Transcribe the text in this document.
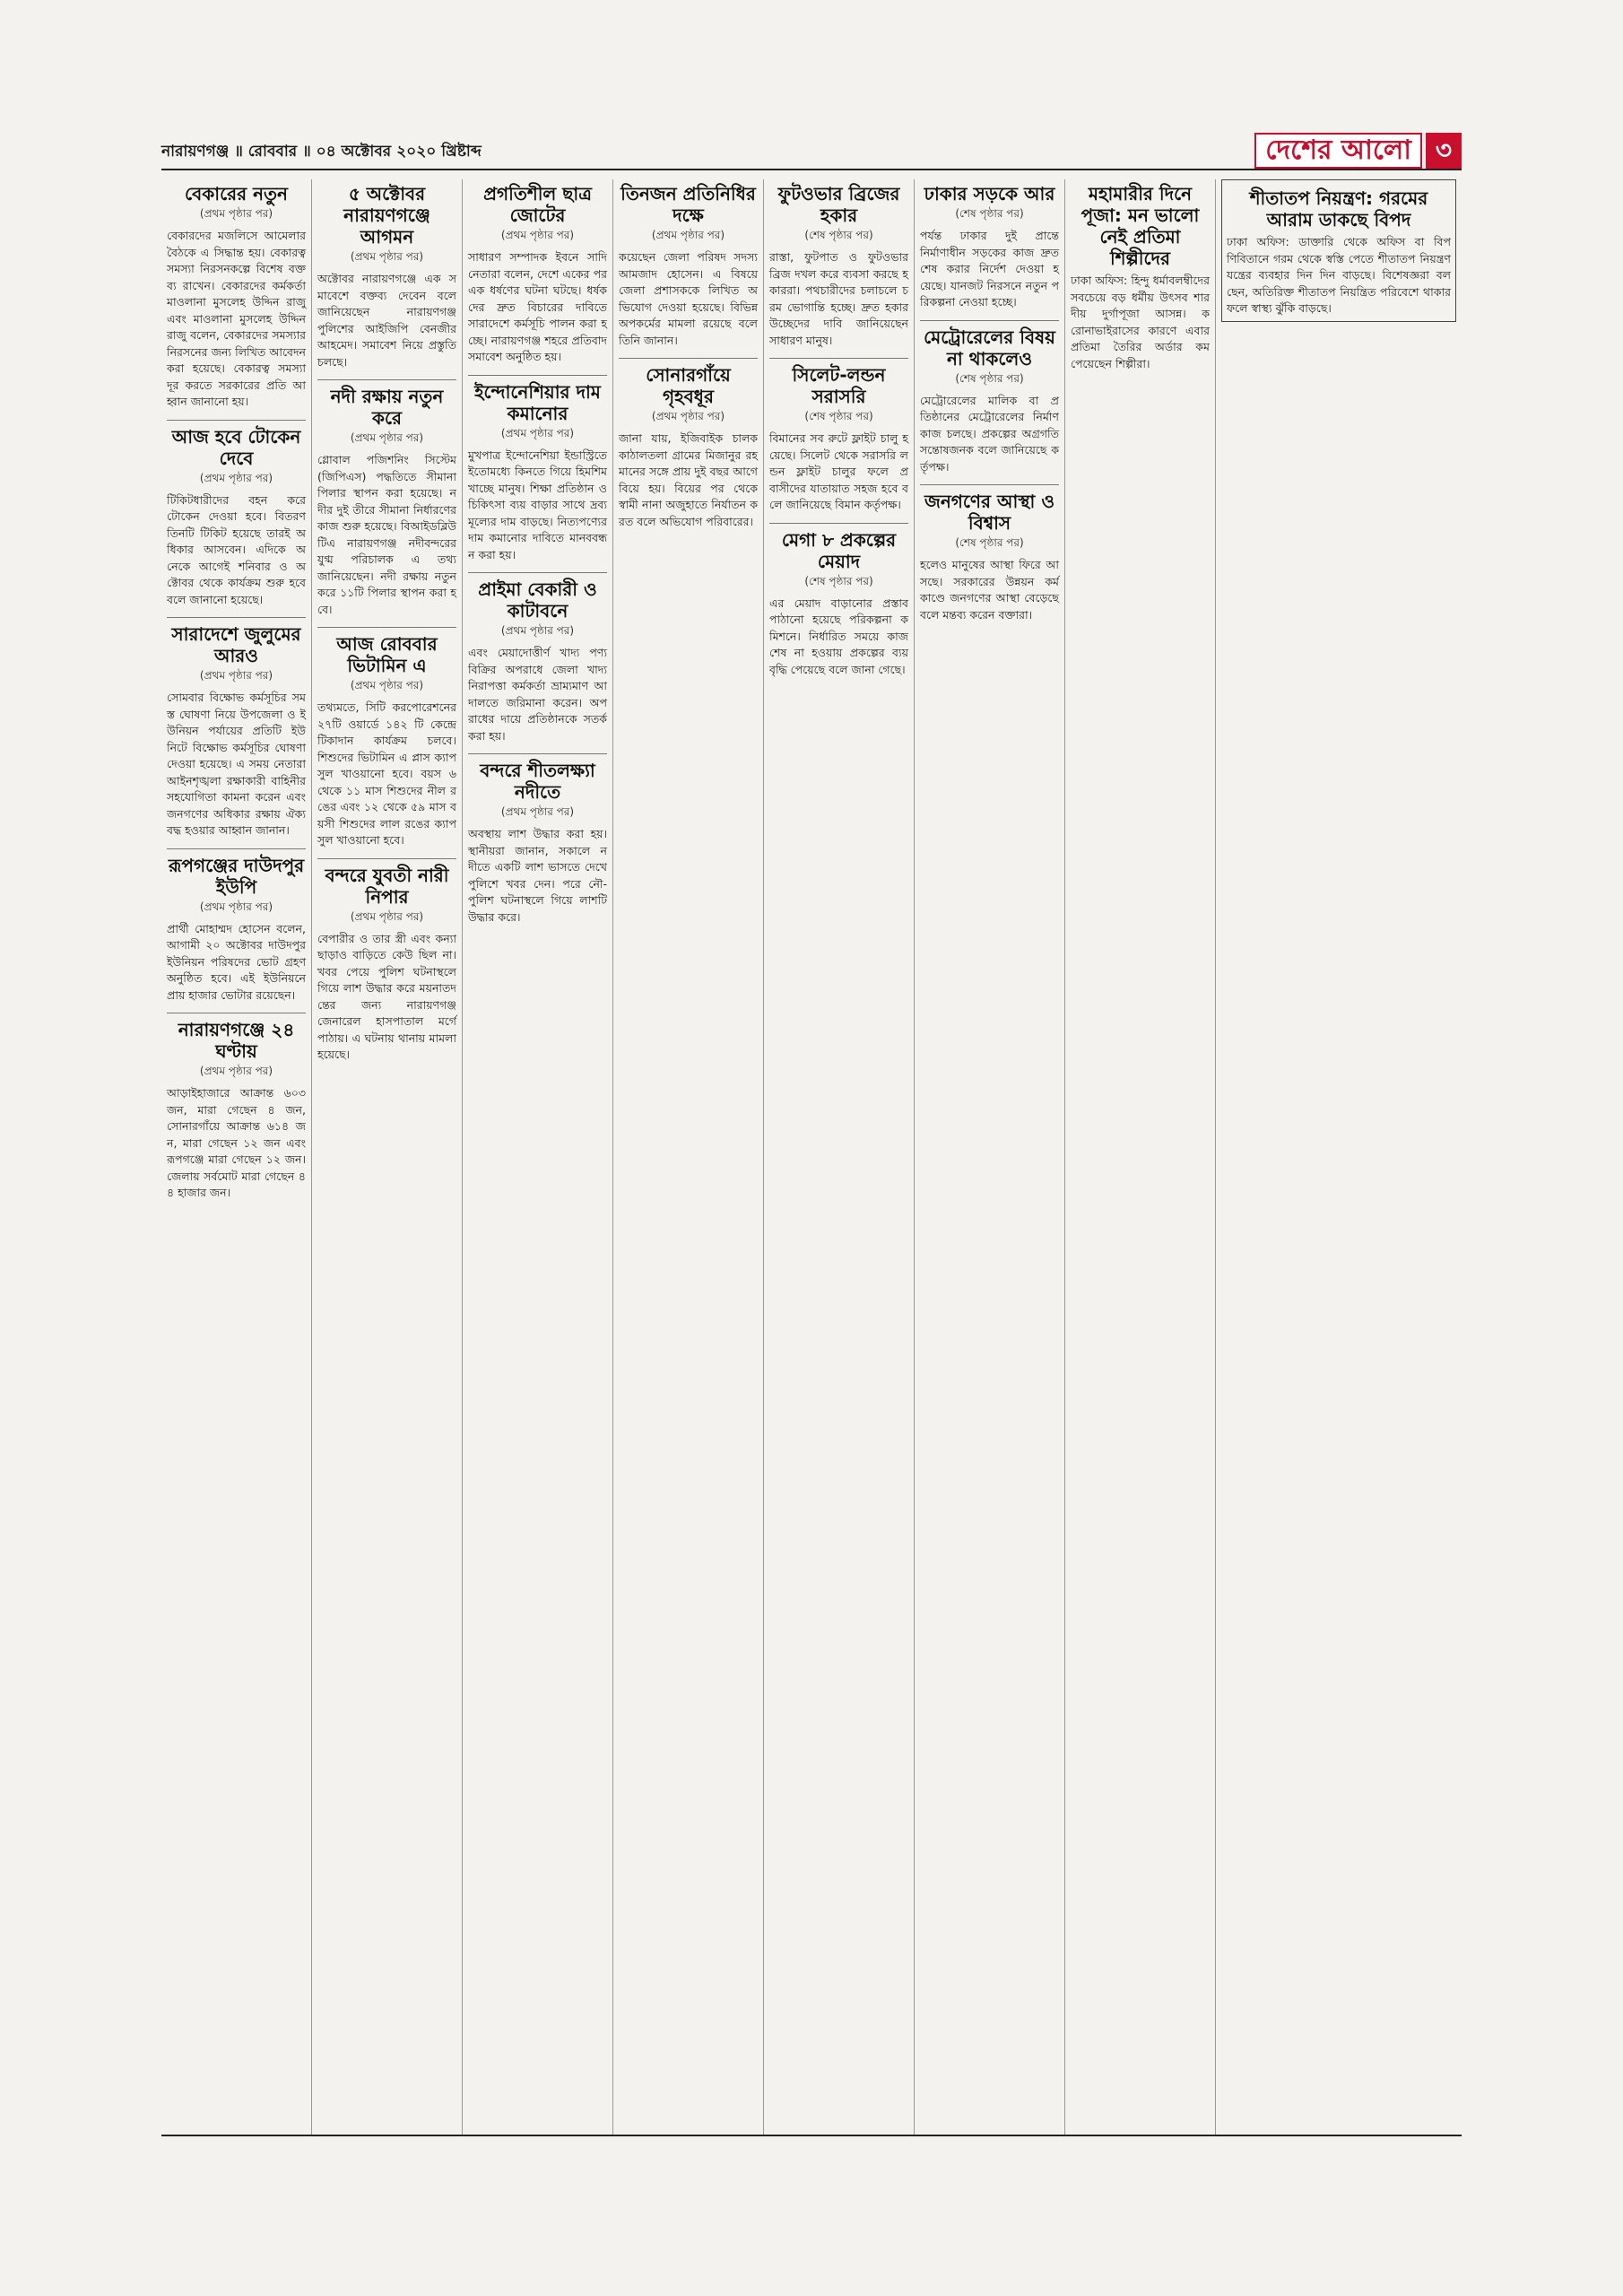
নারায়ণগঞ্জ ॥ রোববার ॥ ০৪ অক্টোবর ২০২০ খ্রিষ্টাব্দ	দেশের আলো ৩
বেকারের নতুন
(প্রথম পৃষ্ঠার পর)
বেকারদের মজলিসে আমেলার বৈঠকে এ সিদ্ধান্ত হয়। বেকারত্ব সমস্যা নিরসনকল্পে বিশেষ বক্তব্য রাখেন। বেকারদের কর্মকর্তা মাওলানা মুসলেহ উদ্দিন রাজু এবং মাওলানা মুসলেহ উদ্দিন রাজু বলেন, বেকারদের সমস্যার নিরসনের জন্য লিখিত আবেদন করা হয়েছে। বেকারত্ব সমস্যা দূর করতে সরকারের প্রতি আহ্বান জানানো হয়।
আজ হবে টোকেন দেবে
(প্রথম পৃষ্ঠার পর)
টিকিটধারীদের বহন করে টোকেন দেওয়া হবে। বিতরণ তিনটি টিকিট হয়েছে তারই অধিকার আসবেন। এদিকে অনেকে আগেই শনিবার ও অক্টোবর থেকে কার্যক্রম শুরু হবে বলে জানানো হয়েছে।
সারাদেশে জুলুমের আরও
(প্রথম পৃষ্ঠার পর)
সোমবার বিক্ষোভ কর্মসূচির সমস্ত ঘোষণা নিয়ে উপজেলা ও ইউনিয়ন পর্যায়ের প্রতিটি ইউনিটে বিক্ষোভ কর্মসূচির ঘোষণা দেওয়া হয়েছে। এ সময় নেতারা আইনশৃঙ্খলা রক্ষাকারী বাহিনীর সহযোগিতা কামনা করেন এবং জনগণের অধিকার রক্ষায় ঐক্যবদ্ধ হওয়ার আহ্বান জানান।
রূপগঞ্জের দাউদপুর ইউপি
(প্রথম পৃষ্ঠার পর)
প্রার্থী মোহাম্মদ হোসেন বলেন, আগামী ২০ অক্টোবর দাউদপুর ইউনিয়ন পরিষদের ভোট গ্রহণ অনুষ্ঠিত হবে। এই ইউনিয়নে প্রায় হাজার ভোটার রয়েছেন।
নারায়ণগঞ্জে ২৪ ঘণ্টায়
(প্রথম পৃষ্ঠার পর)
আড়াইহাজারে আক্রান্ত ৬০৩ জন, মারা গেছেন ৪ জন, সোনারগাঁয়ে আক্রান্ত ৬১৪ জন, মারা গেছেন ১২ জন এবং রূপগঞ্জে মারা গেছেন ১২ জন। জেলায় সর্বমোট মারা গেছেন ৪৪ হাজার জন।
৫ অক্টোবর নারায়ণগঞ্জে আগমন
(প্রথম পৃষ্ঠার পর)
অক্টোবর নারায়ণগঞ্জে এক সমাবেশে বক্তব্য দেবেন বলে জানিয়েছেন নারায়ণগঞ্জ পুলিশের আইজিপি বেনজীর আহমেদ। সমাবেশ নিয়ে প্রস্তুতি চলছে।
নদী রক্ষায় নতুন করে
(প্রথম পৃষ্ঠার পর)
গ্লোবাল পজিশনিং সিস্টেম (জিপিএস) পদ্ধতিতে সীমানা পিলার স্থাপন করা হয়েছে। নদীর দুই তীরে সীমানা নির্ধারণের কাজ শুরু হয়েছে। বিআইডব্লিউটিএ নারায়ণগঞ্জ নদীবন্দরের যুগ্ম পরিচালক এ তথ্য জানিয়েছেন। নদী রক্ষায় নতুন করে ১১টি পিলার স্থাপন করা হবে।
আজ রোববার ভিটামিন এ
(প্রথম পৃষ্ঠার পর)
তথ্যমতে, সিটি করপোরেশনের ২৭টি ওয়ার্ডে ১৪২ টি কেন্দ্রে টিকাদান কার্যক্রম চলবে। শিশুদের ভিটামিন এ প্লাস ক্যাপসুল খাওয়ানো হবে। বয়স ৬ থেকে ১১ মাস শিশুদের নীল রঙের এবং ১২ থেকে ৫৯ মাস বয়সী শিশুদের লাল রঙের ক্যাপসুল খাওয়ানো হবে।
বন্দরে যুবতী নারী নিপার
(প্রথম পৃষ্ঠার পর)
বেপারীর ও তার স্ত্রী এবং কন্যা ছাড়াও বাড়িতে কেউ ছিল না। খবর পেয়ে পুলিশ ঘটনাস্থলে গিয়ে লাশ উদ্ধার করে ময়নাতদন্তের জন্য নারায়ণগঞ্জ জেনারেল হাসপাতাল মর্গে পাঠায়। এ ঘটনায় থানায় মামলা হয়েছে।
প্রগতিশীল ছাত্র জোটের
(প্রথম পৃষ্ঠার পর)
সাধারণ সম্পাদক ইবনে সাদি নেতারা বলেন, দেশে একের পর এক ধর্ষণের ঘটনা ঘটছে। ধর্ষকদের দ্রুত বিচারের দাবিতে সারাদেশে কর্মসূচি পালন করা হচ্ছে। নারায়ণগঞ্জ শহরে প্রতিবাদ সমাবেশ অনুষ্ঠিত হয়।
ইন্দোনেশিয়ার দাম কমানোর
(প্রথম পৃষ্ঠার পর)
মুখপাত্র ইন্দোনেশিয়া ইন্ডাস্ট্রিতে ইতোমধ্যে কিনতে গিয়ে হিমশিম খাচ্ছে মানুষ। শিক্ষা প্রতিষ্ঠান ও চিকিৎসা ব্যয় বাড়ার সাথে দ্রব্যমূল্যের দাম বাড়ছে। নিত্যপণ্যের দাম কমানোর দাবিতে মানববন্ধন করা হয়।
প্রাইমা বেকারী ও কাটাবনে
(প্রথম পৃষ্ঠার পর)
এবং মেয়াদোত্তীর্ণ খাদ্য পণ্য বিক্রির অপরাধে জেলা খাদ্য নিরাপত্তা কর্মকর্তা ভ্রাম্যমাণ আদালতে জরিমানা করেন। অপরাধের দায়ে প্রতিষ্ঠানকে সতর্ক করা হয়।
বন্দরে শীতলক্ষ্যা নদীতে
(প্রথম পৃষ্ঠার পর)
অবস্থায় লাশ উদ্ধার করা হয়। স্থানীয়রা জানান, সকালে নদীতে একটি লাশ ভাসতে দেখে পুলিশে খবর দেন। পরে নৌ-পুলিশ ঘটনাস্থলে গিয়ে লাশটি উদ্ধার করে।
তিনজন প্রতিনিধির দক্ষে
(প্রথম পৃষ্ঠার পর)
কয়েছেন জেলা পরিষদ সদস্য আমজাদ হোসেন। এ বিষয়ে জেলা প্রশাসককে লিখিত অভিযোগ দেওয়া হয়েছে। বিভিন্ন অপকর্মের মামলা রয়েছে বলে তিনি জানান।
সোনারগাঁয়ে গৃহবধূর
(প্রথম পৃষ্ঠার পর)
জানা যায়, ইজিবাইক চালক কাঠালতলা গ্রামের মিজানুর রহমানের সঙ্গে প্রায় দুই বছর আগে বিয়ে হয়। বিয়ের পর থেকে স্বামী নানা অজুহাতে নির্যাতন করত বলে অভিযোগ পরিবারের।
ফুটওভার ব্রিজের হকার
(শেষ পৃষ্ঠার পর)
রাস্তা, ফুটপাত ও ফুটওভার ব্রিজ দখল করে ব্যবসা করছে হকাররা। পথচারীদের চলাচলে চরম ভোগান্তি হচ্ছে। দ্রুত হকার উচ্ছেদের দাবি জানিয়েছেন সাধারণ মানুষ।
সিলেট-লন্ডন সরাসরি
(শেষ পৃষ্ঠার পর)
বিমানের সব রুটে ফ্লাইট চালু হয়েছে। সিলেট থেকে সরাসরি লন্ডন ফ্লাইট চালুর ফলে প্রবাসীদের যাতায়াত সহজ হবে বলে জানিয়েছে বিমান কর্তৃপক্ষ।
মেগা ৮ প্রকল্পের মেয়াদ
(শেষ পৃষ্ঠার পর)
এর মেয়াদ বাড়ানোর প্রস্তাব পাঠানো হয়েছে পরিকল্পনা কমিশনে। নির্ধারিত সময়ে কাজ শেষ না হওয়ায় প্রকল্পের ব্যয় বৃদ্ধি পেয়েছে বলে জানা গেছে।
ঢাকার সড়কে আর
(শেষ পৃষ্ঠার পর)
পর্যন্ত ঢাকার দুই প্রান্তে নির্মাণাধীন সড়কের কাজ দ্রুত শেষ করার নির্দেশ দেওয়া হয়েছে। যানজট নিরসনে নতুন পরিকল্পনা নেওয়া হচ্ছে।
মেট্রোরেলের বিষয় না থাকলেও
(শেষ পৃষ্ঠার পর)
মেট্রোরেলের মালিক বা প্রতিষ্ঠানের মেট্রোরেলের নির্মাণ কাজ চলছে। প্রকল্পের অগ্রগতি সন্তোষজনক বলে জানিয়েছে কর্তৃপক্ষ।
জনগণের আস্থা ও বিশ্বাস
(শেষ পৃষ্ঠার পর)
হলেও মানুষের আস্থা ফিরে আসছে। সরকারের উন্নয়ন কর্মকাণ্ডে জনগণের আস্থা বেড়েছে বলে মন্তব্য করেন বক্তারা।
মহামারীর দিনে পূজা: মন ভালো নেই প্রতিমা শিল্পীদের
ঢাকা অফিস: হিন্দু ধর্মাবলম্বীদের সবচেয়ে বড় ধর্মীয় উৎসব শারদীয় দুর্গাপূজা আসন্ন। করোনাভাইরাসের কারণে এবার প্রতিমা তৈরির অর্ডার কম পেয়েছেন শিল্পীরা।
শীতাতপ নিয়ন্ত্রণ: গরমের আরাম ডাকছে বিপদ
ঢাকা অফিস: ডাক্তারি থেকে অফিস বা বিপণিবিতানে গরম থেকে স্বস্তি পেতে শীতাতপ নিয়ন্ত্রণ যন্ত্রের ব্যবহার দিন দিন বাড়ছে। বিশেষজ্ঞরা বলছেন, অতিরিক্ত শীতাতপ নিয়ন্ত্রিত পরিবেশে থাকার ফলে স্বাস্থ্য ঝুঁকি বাড়ছে।
